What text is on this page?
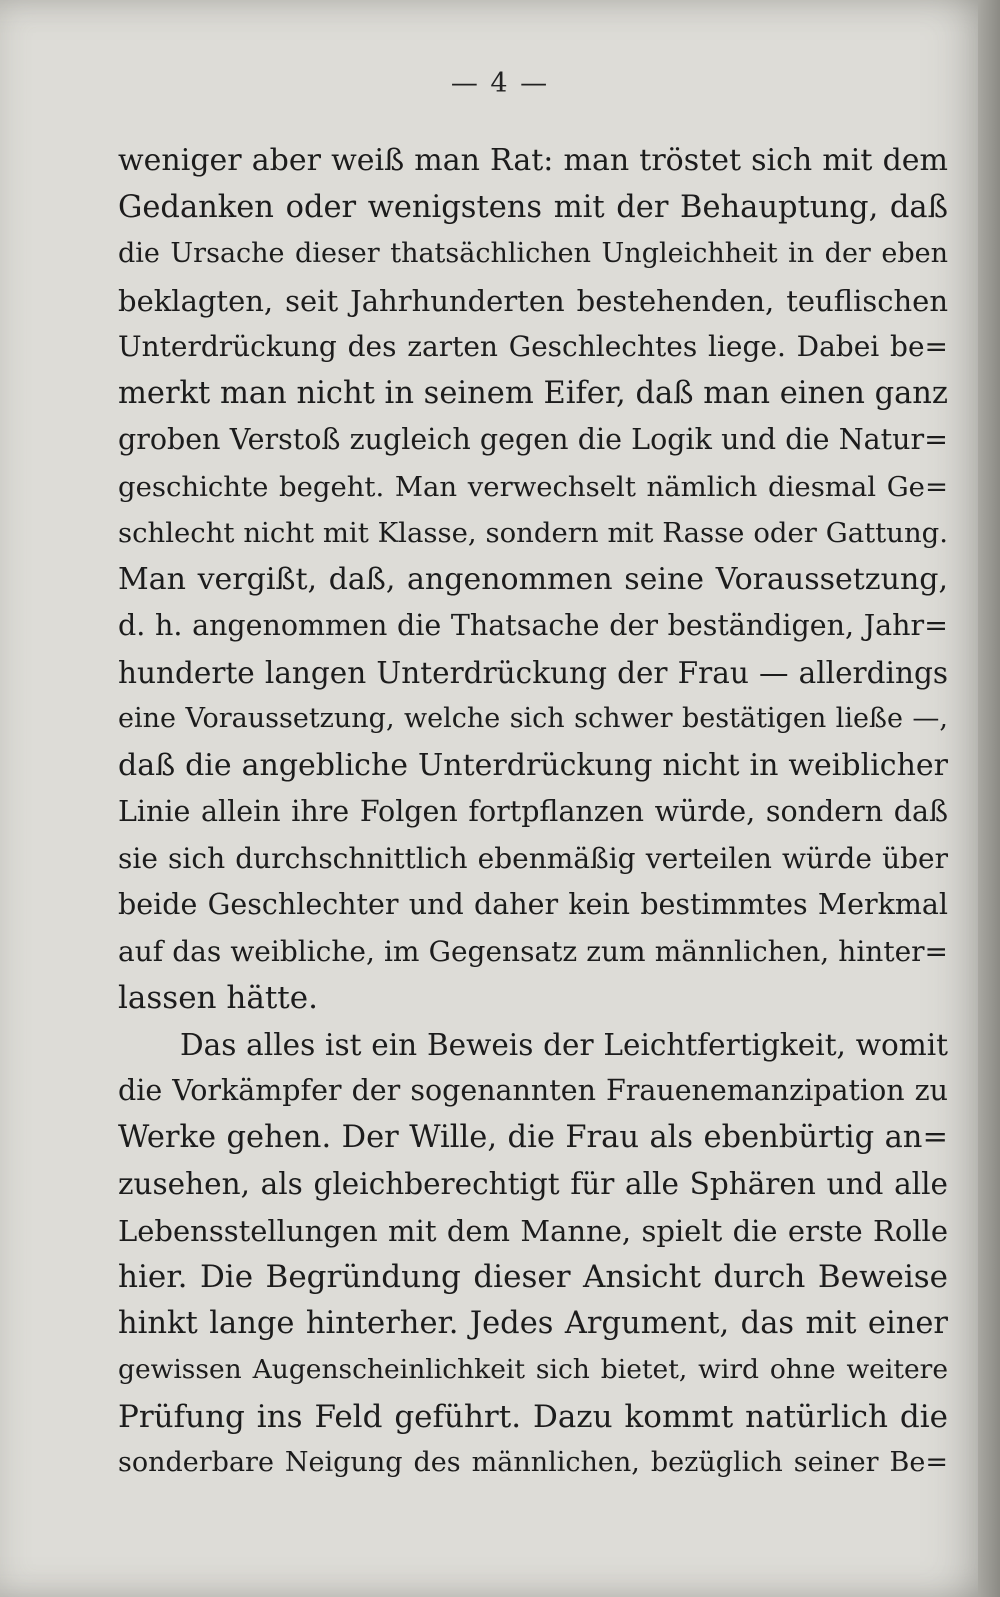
— 4 —
weniger aber weiß man Rat: man tröstet sich mit dem
Gedanken oder wenigstens mit der Behauptung, daß
die Ursache dieser thatsächlichen Ungleichheit in der eben
beklagten, seit Jahrhunderten bestehenden, teuflischen
Unterdrückung des zarten Geschlechtes liege. Dabei be=
merkt man nicht in seinem Eifer, daß man einen ganz
groben Verstoß zugleich gegen die Logik und die Natur=
geschichte begeht. Man verwechselt nämlich diesmal Ge=
schlecht nicht mit Klasse, sondern mit Rasse oder Gattung.
Man vergißt, daß, angenommen seine Voraussetzung,
d. h. angenommen die Thatsache der beständigen, Jahr=
hunderte langen Unterdrückung der Frau — allerdings
eine Voraussetzung, welche sich schwer bestätigen ließe —,
daß die angebliche Unterdrückung nicht in weiblicher
Linie allein ihre Folgen fortpflanzen würde, sondern daß
sie sich durchschnittlich ebenmäßig verteilen würde über
beide Geschlechter und daher kein bestimmtes Merkmal
auf das weibliche, im Gegensatz zum männlichen, hinter=
lassen hätte.
Das alles ist ein Beweis der Leichtfertigkeit, womit
die Vorkämpfer der sogenannten Frauenemanzipation zu
Werke gehen. Der Wille, die Frau als ebenbürtig an=
zusehen, als gleichberechtigt für alle Sphären und alle
Lebensstellungen mit dem Manne, spielt die erste Rolle
hier. Die Begründung dieser Ansicht durch Beweise
hinkt lange hinterher. Jedes Argument, das mit einer
gewissen Augenscheinlichkeit sich bietet, wird ohne weitere
Prüfung ins Feld geführt. Dazu kommt natürlich die
sonderbare Neigung des männlichen, bezüglich seiner Be=
